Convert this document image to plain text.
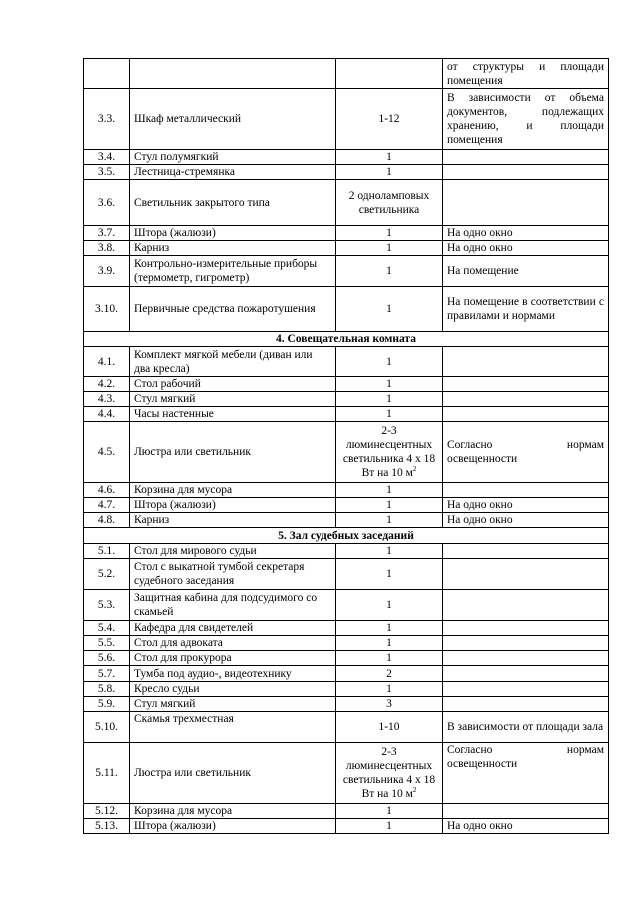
			от структуры и площади помещения
3.3.	Шкаф металлический	1-12	В зависимости от объема документов, подлежащих хранению, и площади помещения
3.4.	Стул полумягкий	1	
3.5.	Лестница-стремянка	1	
3.6.	Светильник закрытого типа	2 одноламповых светильника	
3.7.	Штора (жалюзи)	1	На одно окно
3.8.	Карниз	1	На одно окно
3.9.	Контрольно-измерительные приборы (термометр, гигрометр)	1	На помещение
3.10.	Первичные средства пожаротушения	1	На помещение в соответствии с правилами и нормами
4. Совещательная комната			
4.1.	Комплект мягкой мебели (диван или два кресла)	1	
4.2.	Стол рабочий	1	
4.3.	Стул мягкий	1	
4.4.	Часы настенные	1	
4.5.	Люстра или светильник	2-3 люминесцентных светильника 4 х 18 Вт на 10 $м^2$	Согласно нормам освещенности
4.6.	Корзина для мусора	1	
4.7.	Штора (жалюзи)	1	На одно окно
4.8.	Карниз	1	На одно окно
5. Зал судебных заседаний			
5.1.	Стол для мирового судьи	1	
5.2.	Стол с выкатной тумбой секретаря судебного заседания	1	
5.3.	Защитная кабина для подсудимого со скамьей	1	
5.4.	Кафедра для свидетелей	1	
5.5.	Стол для адвоката	1	
5.6.	Стол для прокурора	1	
5.7.	Тумба под аудио-, видеотехнику	2	
5.8.	Кресло судьи	1	
5.9.	Стул мягкий	3	
5.10.	Скамья трехместная	1-10	В зависимости от площади зала
5.11.	Люстра или светильник	2-3 люминесцентных светильника 4 х 18 Вт на 10 $м^2$	Согласно нормам освещенности
5.12.	Корзина для мусора	1	
5.13.	Штора (жалюзи)	1	На одно окно
